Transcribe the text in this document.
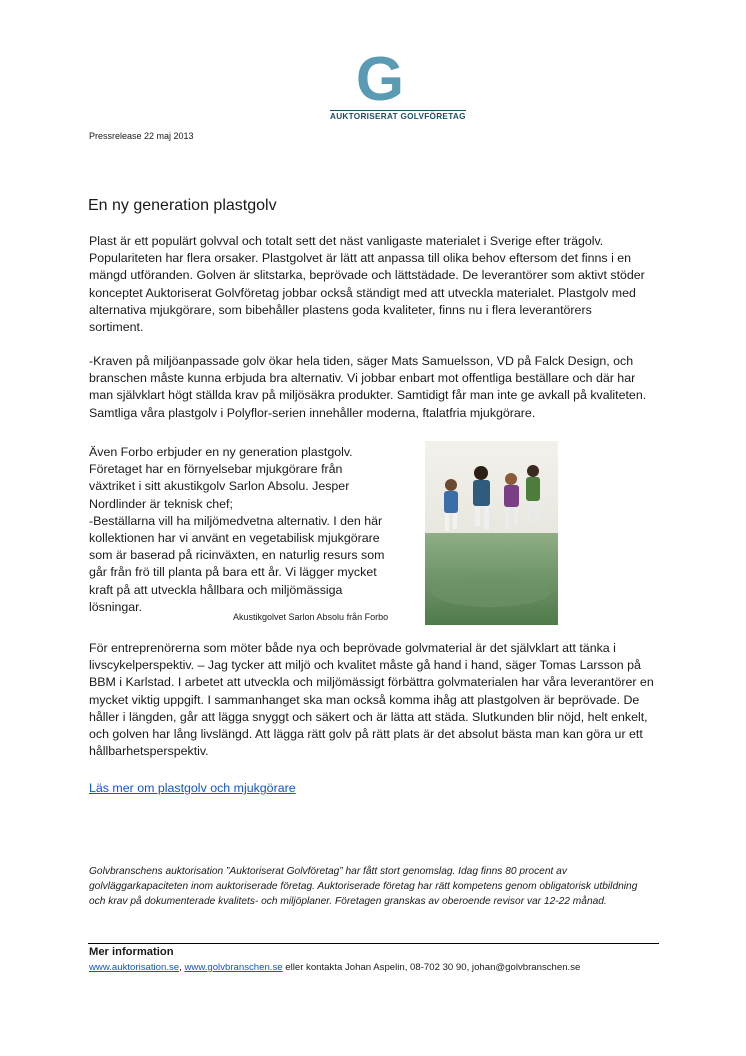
G
AUKTORISERAT GOLVFÖRETAG
Pressrelease 22 maj 2013
En ny generation plastgolv

Plast är ett populärt golvval och totalt sett det näst vanligaste materialet i Sverige efter trägolv. Populariteten har flera orsaker. Plastgolvet är lätt att anpassa till olika behov eftersom det finns i en mängd utföranden. Golven är slitstarka, beprövade och lättstädade. De leverantörer som aktivt stöder konceptet Auktoriserat Golvföretag jobbar också ständigt med att utveckla materialet. Plastgolv med alternativa mjukgörare, som bibehåller plastens goda kvaliteter, finns nu i flera leverantörers sortiment.

-Kraven på miljöanpassade golv ökar hela tiden, säger Mats Samuelsson, VD på Falck Design, och branschen måste kunna erbjuda bra alternativ. Vi jobbar enbart mot offentliga beställare och där har man självklart högt ställda krav på miljösäkra produkter. Samtidigt får man inte ge avkall på kvaliteten. Samtliga våra plastgolv i Polyflor-serien innehåller moderna, ftalatfria mjukgörare.

Även Forbo erbjuder en ny generation plastgolv. Företaget har en förnyelsebar mjukgörare från växtriket i sitt akustikgolv Sarlon Absolu. Jesper Nordlinder är teknisk chef;
-Beställarna vill ha miljömedvetna alternativ. I den här kollektionen har vi använt en vegetabilisk mjukgörare som är baserad på ricinväxten, en naturlig resurs som går från frö till planta på bara ett år. Vi lägger mycket kraft på att utveckla hållbara och miljömässiga lösningar.
Akustikgolvet Sarlon Absolu från Forbo

För entreprenörerna som möter både nya och beprövade golvmaterial är det självklart att tänka i livscykelperspektiv. – Jag tycker att miljö och kvalitet måste gå hand i hand, säger Tomas Larsson på BBM i Karlstad. I arbetet att utveckla och miljömässigt förbättra golvmaterialen har våra leverantörer en mycket viktig uppgift. I sammanhanget ska man också komma ihåg att plastgolven är beprövade. De håller i längden, går att lägga snyggt och säkert och är lätta att städa. Slutkunden blir nöjd, helt enkelt, och golven har lång livslängd. Att lägga rätt golv på rätt plats är det absolut bästa man kan göra ur ett hållbarhetsperspektiv.

Läs mer om plastgolv och mjukgörare

Golvbranschens auktorisation ”Auktoriserat Golvföretag” har fått stort genomslag. Idag finns 80 procent av golvläggarkapaciteten inom auktoriserade företag. Auktoriserade företag har rätt kompetens genom obligatorisk utbildning och krav på dokumenterade kvalitets- och miljöplaner. Företagen granskas av oberoende revisor var 12-22 månad.

Mer information
www.auktorisation.se, www.golvbranschen.se eller kontakta Johan Aspelin, 08-702 30 90, johan@golvbranschen.se
